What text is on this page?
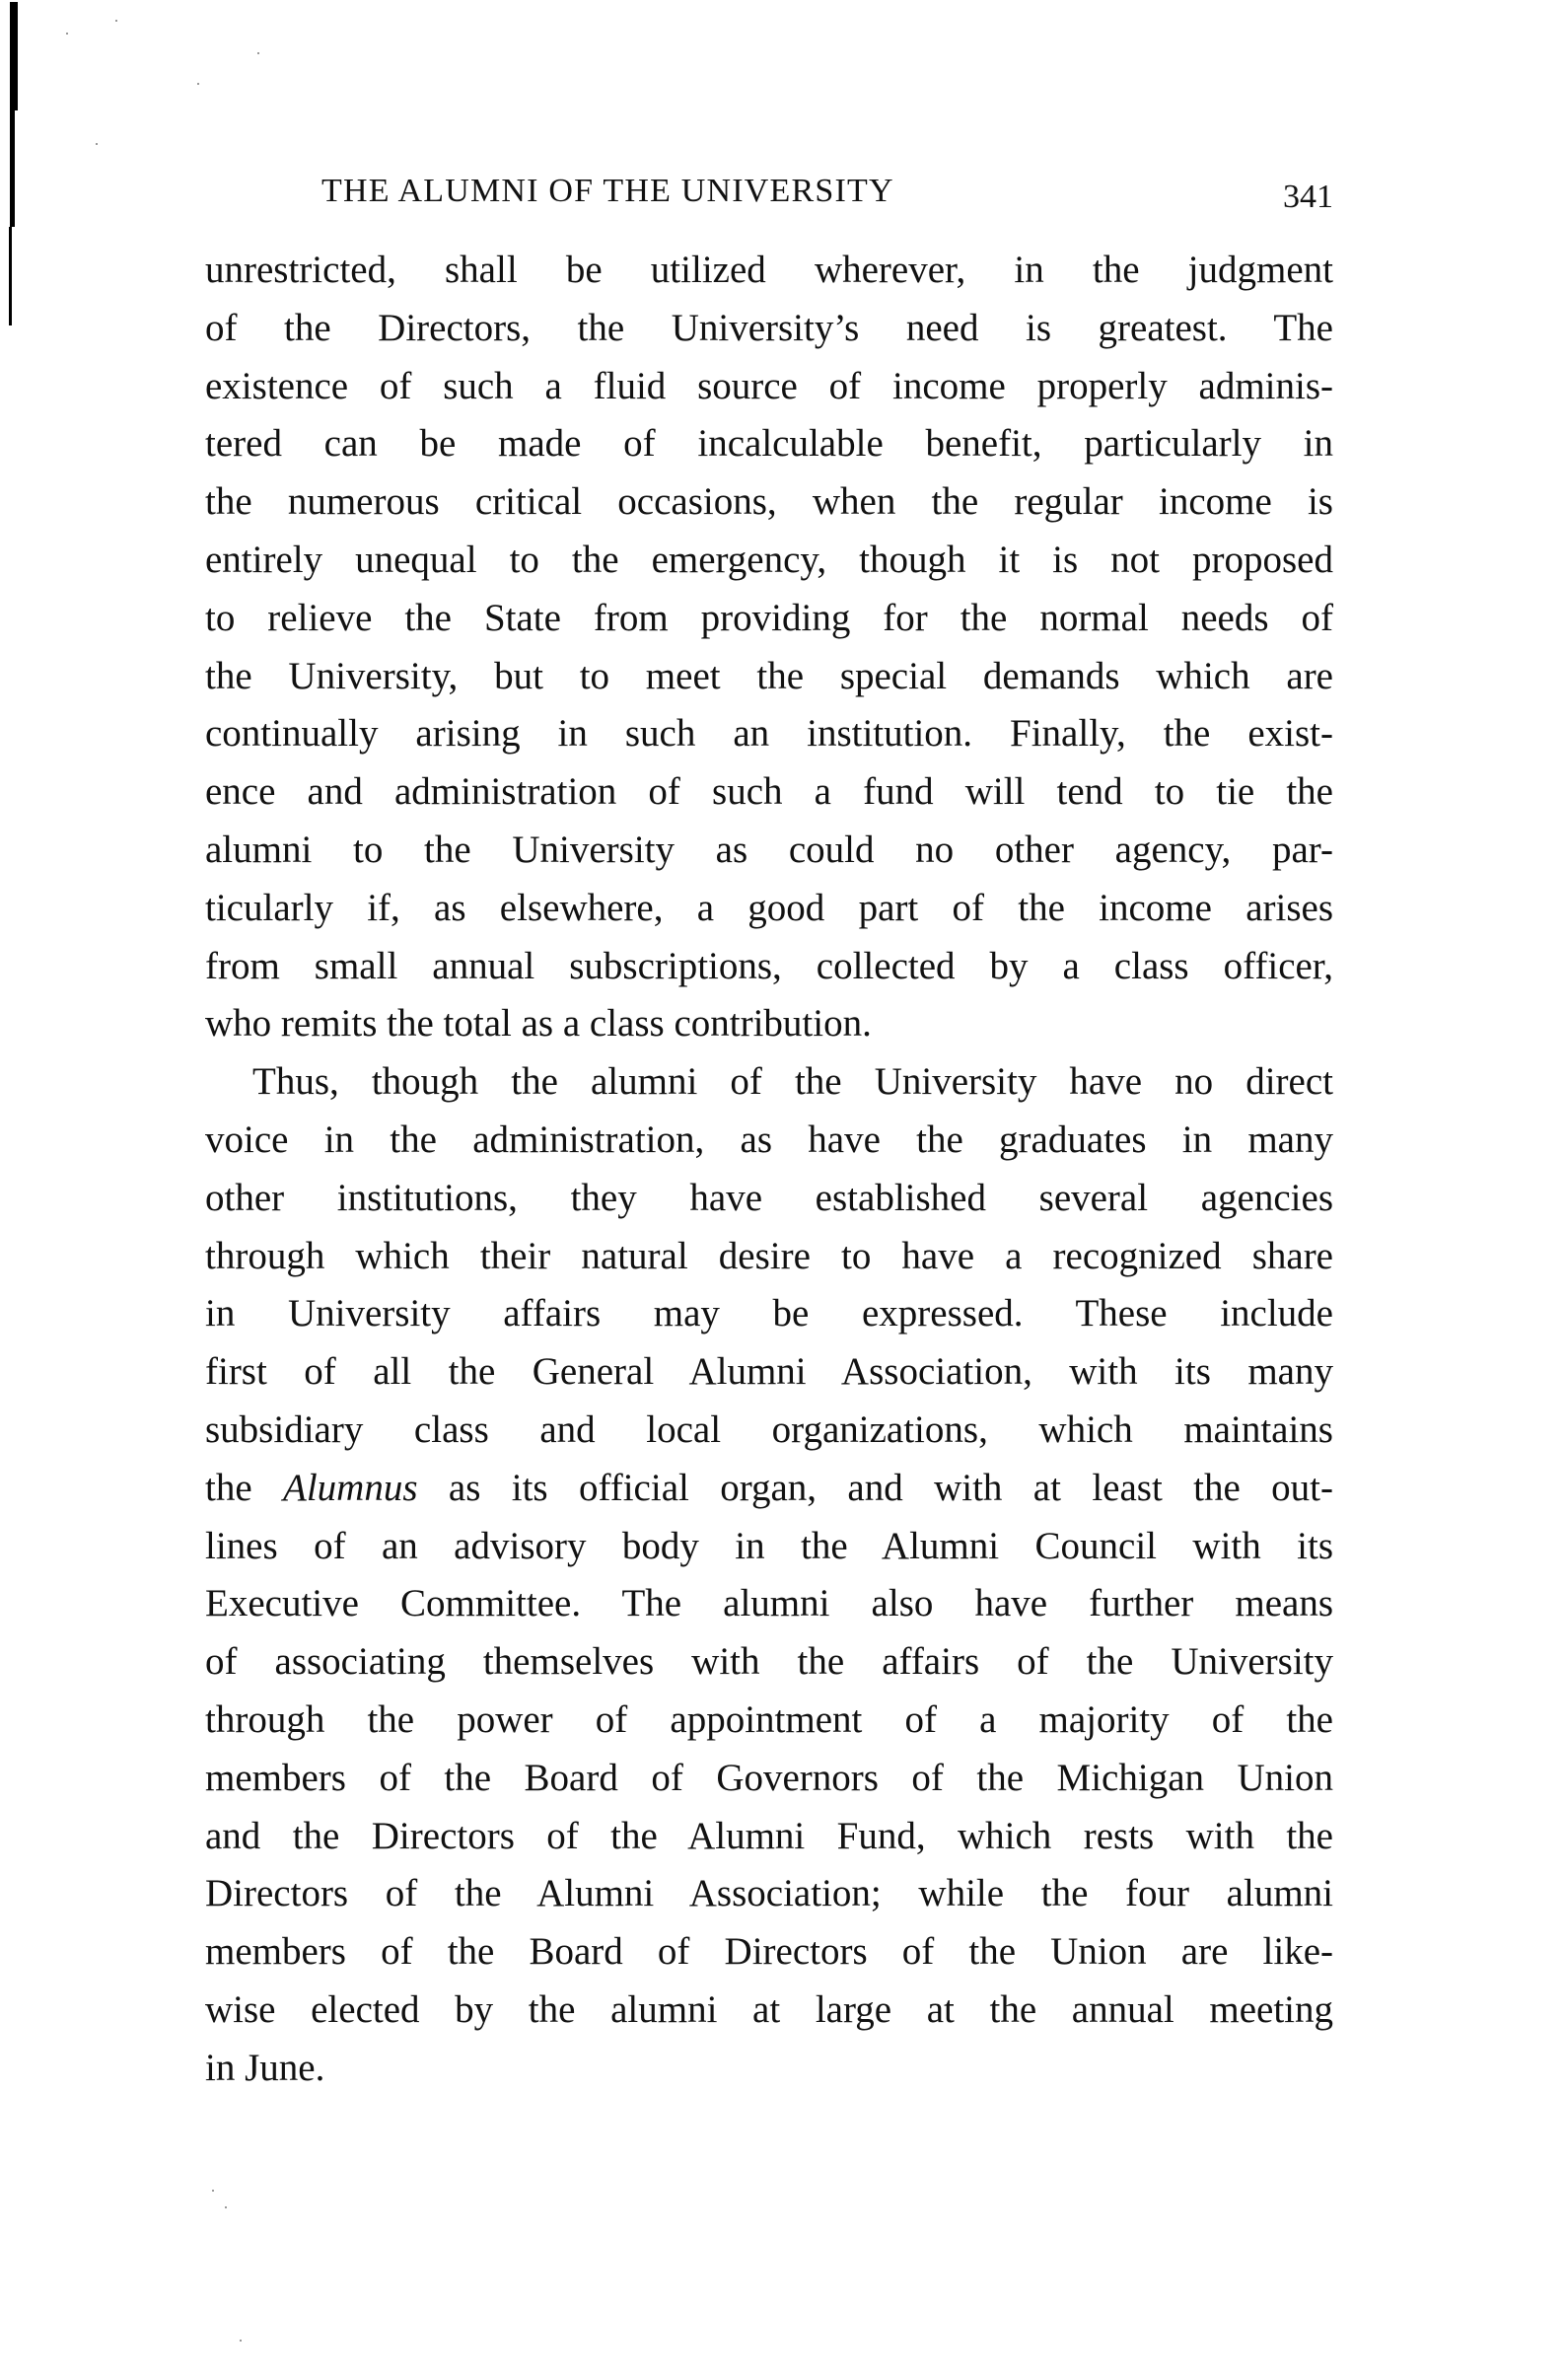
THE ALUMNI OF THE UNIVERSITY	341

unrestricted, shall be utilized wherever, in the judgment
of the Directors, the University’s need is greatest. The
existence of such a fluid source of income properly adminis-
tered can be made of incalculable benefit, particularly in
the numerous critical occasions, when the regular income is
entirely unequal to the emergency, though it is not proposed
to relieve the State from providing for the normal needs of
the University, but to meet the special demands which are
continually arising in such an institution. Finally, the exist-
ence and administration of such a fund will tend to tie the
alumni to the University as could no other agency, par-
ticularly if, as elsewhere, a good part of the income arises
from small annual subscriptions, collected by a class officer,
who remits the total as a class contribution.

Thus, though the alumni of the University have no direct
voice in the administration, as have the graduates in many
other institutions, they have established several agencies
through which their natural desire to have a recognized share
in University affairs may be expressed. These include
first of all the General Alumni Association, with its many
subsidiary class and local organizations, which maintains
the Alumnus as its official organ, and with at least the out-
lines of an advisory body in the Alumni Council with its
Executive Committee. The alumni also have further means
of associating themselves with the affairs of the University
through the power of appointment of a majority of the
members of the Board of Governors of the Michigan Union
and the Directors of the Alumni Fund, which rests with the
Directors of the Alumni Association; while the four alumni
members of the Board of Directors of the Union are like-
wise elected by the alumni at large at the annual meeting
in June.
